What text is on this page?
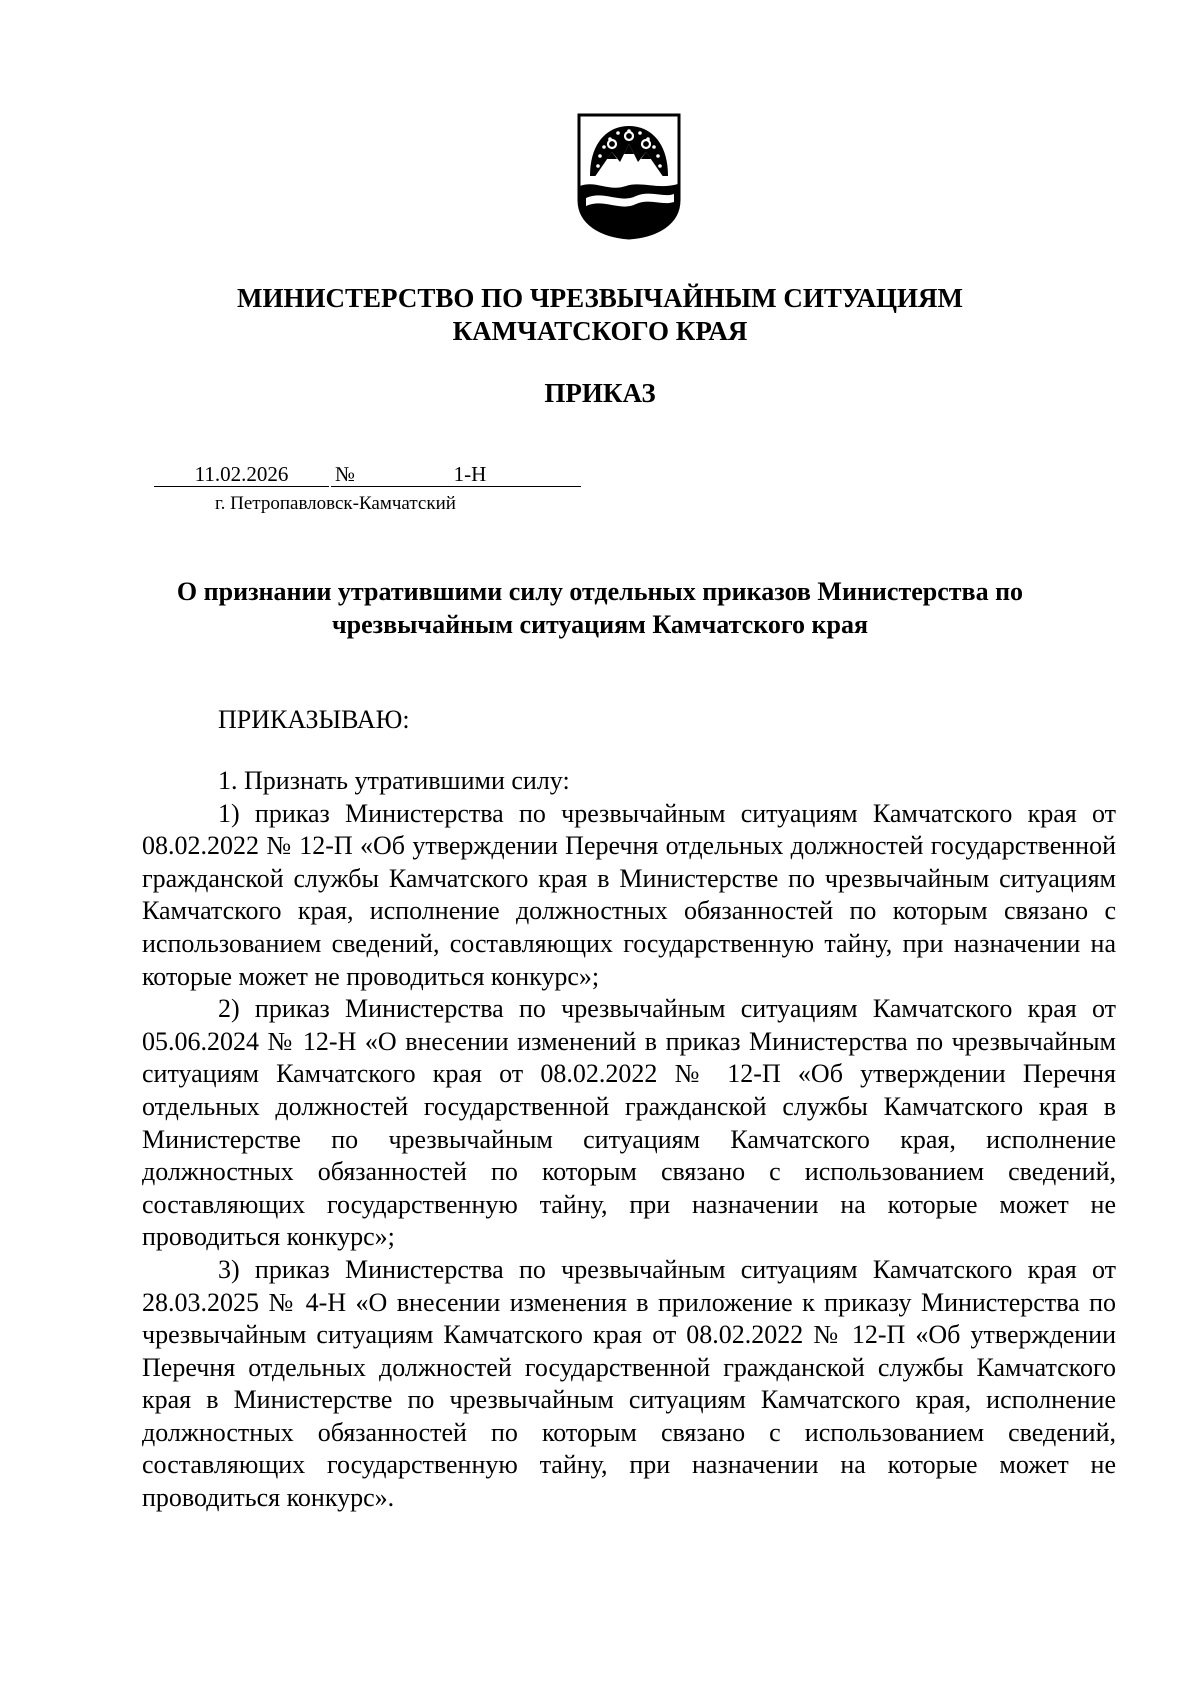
МИНИСТЕРСТВО ПО ЧРЕЗВЫЧАЙНЫМ СИТУАЦИЯМ
КАМЧАТСКОГО КРАЯ
ПРИКАЗ
11.02.2026	№	1-Н
г. Петропавловск-Камчатский
О признании утратившими силу отдельных приказов Министерства по
чрезвычайным ситуациям Камчатского края
ПРИКАЗЫВАЮ:

1. Признать утратившими силу:

1) приказ Министерства по чрезвычайным ситуациям Камчатского края от 08.02.2022 № 12-П «Об утверждении Перечня отдельных должностей государственной гражданской службы Камчатского края в Министерстве по чрезвычайным ситуациям Камчатского края, исполнение должностных обязанностей по которым связано с использованием сведений, составляющих государственную тайну, при назначении на которые может не проводиться конкурс»;

2) приказ Министерства по чрезвычайным ситуациям Камчатского края от 05.06.2024 № 12-Н «О внесении изменений в приказ Министерства по чрезвычайным ситуациям Камчатского края от 08.02.2022 № 12-П «Об утверждении Перечня отдельных должностей государственной гражданской службы Камчатского края в Министерстве по чрезвычайным ситуациям Камчатского края, исполнение должностных обязанностей по которым связано с использованием сведений, составляющих государственную тайну, при назначении на которые может не проводиться конкурс»;

3) приказ Министерства по чрезвычайным ситуациям Камчатского края от 28.03.2025 № 4-Н «О внесении изменения в приложение к приказу Министерства по чрезвычайным ситуациям Камчатского края от 08.02.2022 № 12-П «Об утверждении Перечня отдельных должностей государственной гражданской службы Камчатского края в Министерстве по чрезвычайным ситуациям Камчатского края, исполнение должностных обязанностей по которым связано с использованием сведений, составляющих государственную тайну, при назначении на которые может не проводиться конкурс».
